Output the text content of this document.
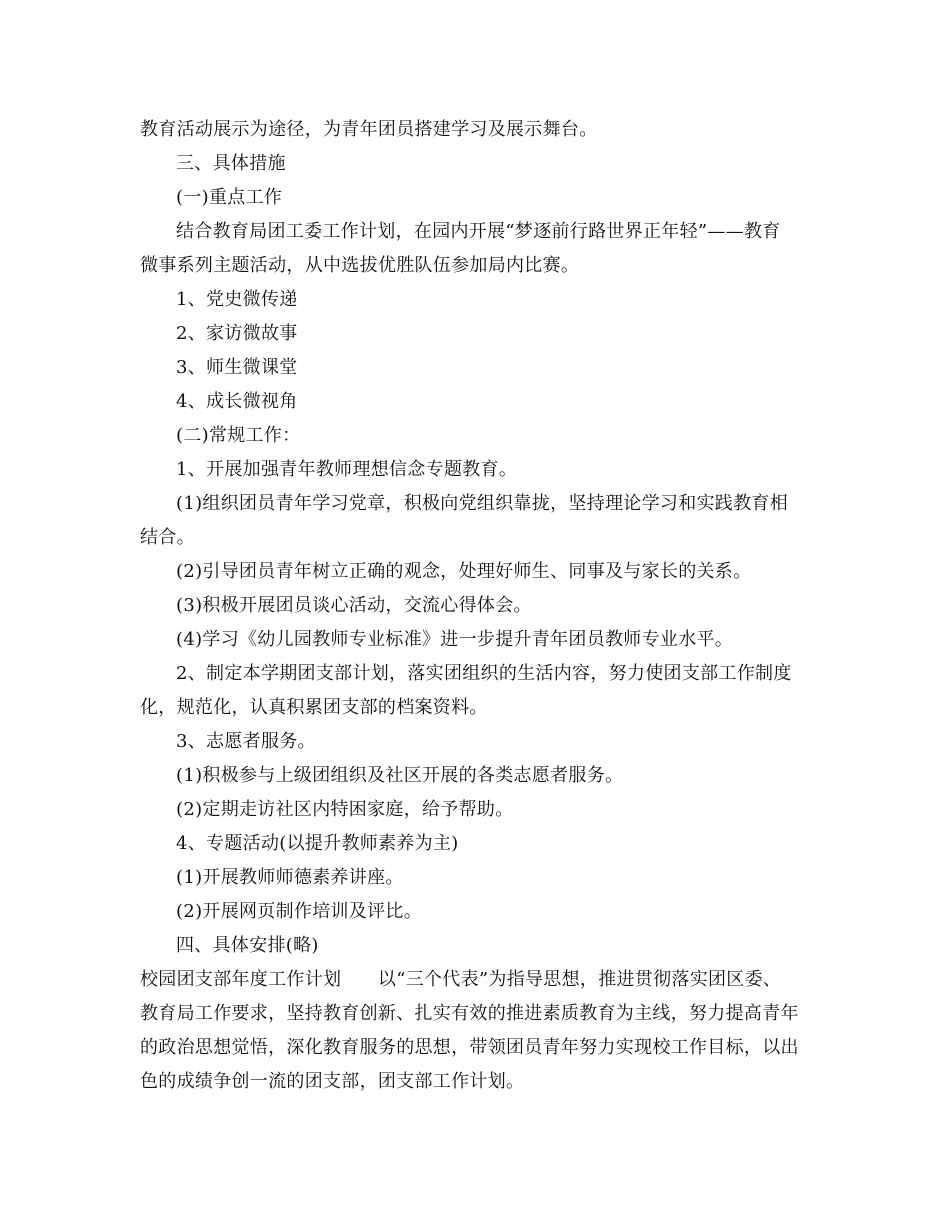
教育活动展示为途径，为青年团员搭建学习及展示舞台。
三、具体措施
(一)重点工作
结合教育局团工委工作计划，在园内开展“梦逐前行路世界正年轻”——教育
微事系列主题活动，从中选拔优胜队伍参加局内比赛。
1、党史微传递
2、家访微故事
3、师生微课堂
4、成长微视角
(二)常规工作：
1、开展加强青年教师理想信念专题教育。
(1)组织团员青年学习党章，积极向党组织靠拢，坚持理论学习和实践教育相
结合。
(2)引导团员青年树立正确的观念，处理好师生、同事及与家长的关系。
(3)积极开展团员谈心活动，交流心得体会。
(4)学习《幼儿园教师专业标准》进一步提升青年团员教师专业水平。
2、制定本学期团支部计划，落实团组织的生活内容，努力使团支部工作制度
化，规范化，认真积累团支部的档案资料。
3、志愿者服务。
(1)积极参与上级团组织及社区开展的各类志愿者服务。
(2)定期走访社区内特困家庭，给予帮助。
4、专题活动(以提升教师素养为主)
(1)开展教师师德素养讲座。
(2)开展网页制作培训及评比。
四、具体安排(略)
校园团支部年度工作计划　　以“三个代表”为指导思想，推进贯彻落实团区委、
教育局工作要求，坚持教育创新、扎实有效的推进素质教育为主线，努力提高青年
的政治思想觉悟，深化教育服务的思想，带领团员青年努力实现校工作目标，以出
色的成绩争创一流的团支部，团支部工作计划。
